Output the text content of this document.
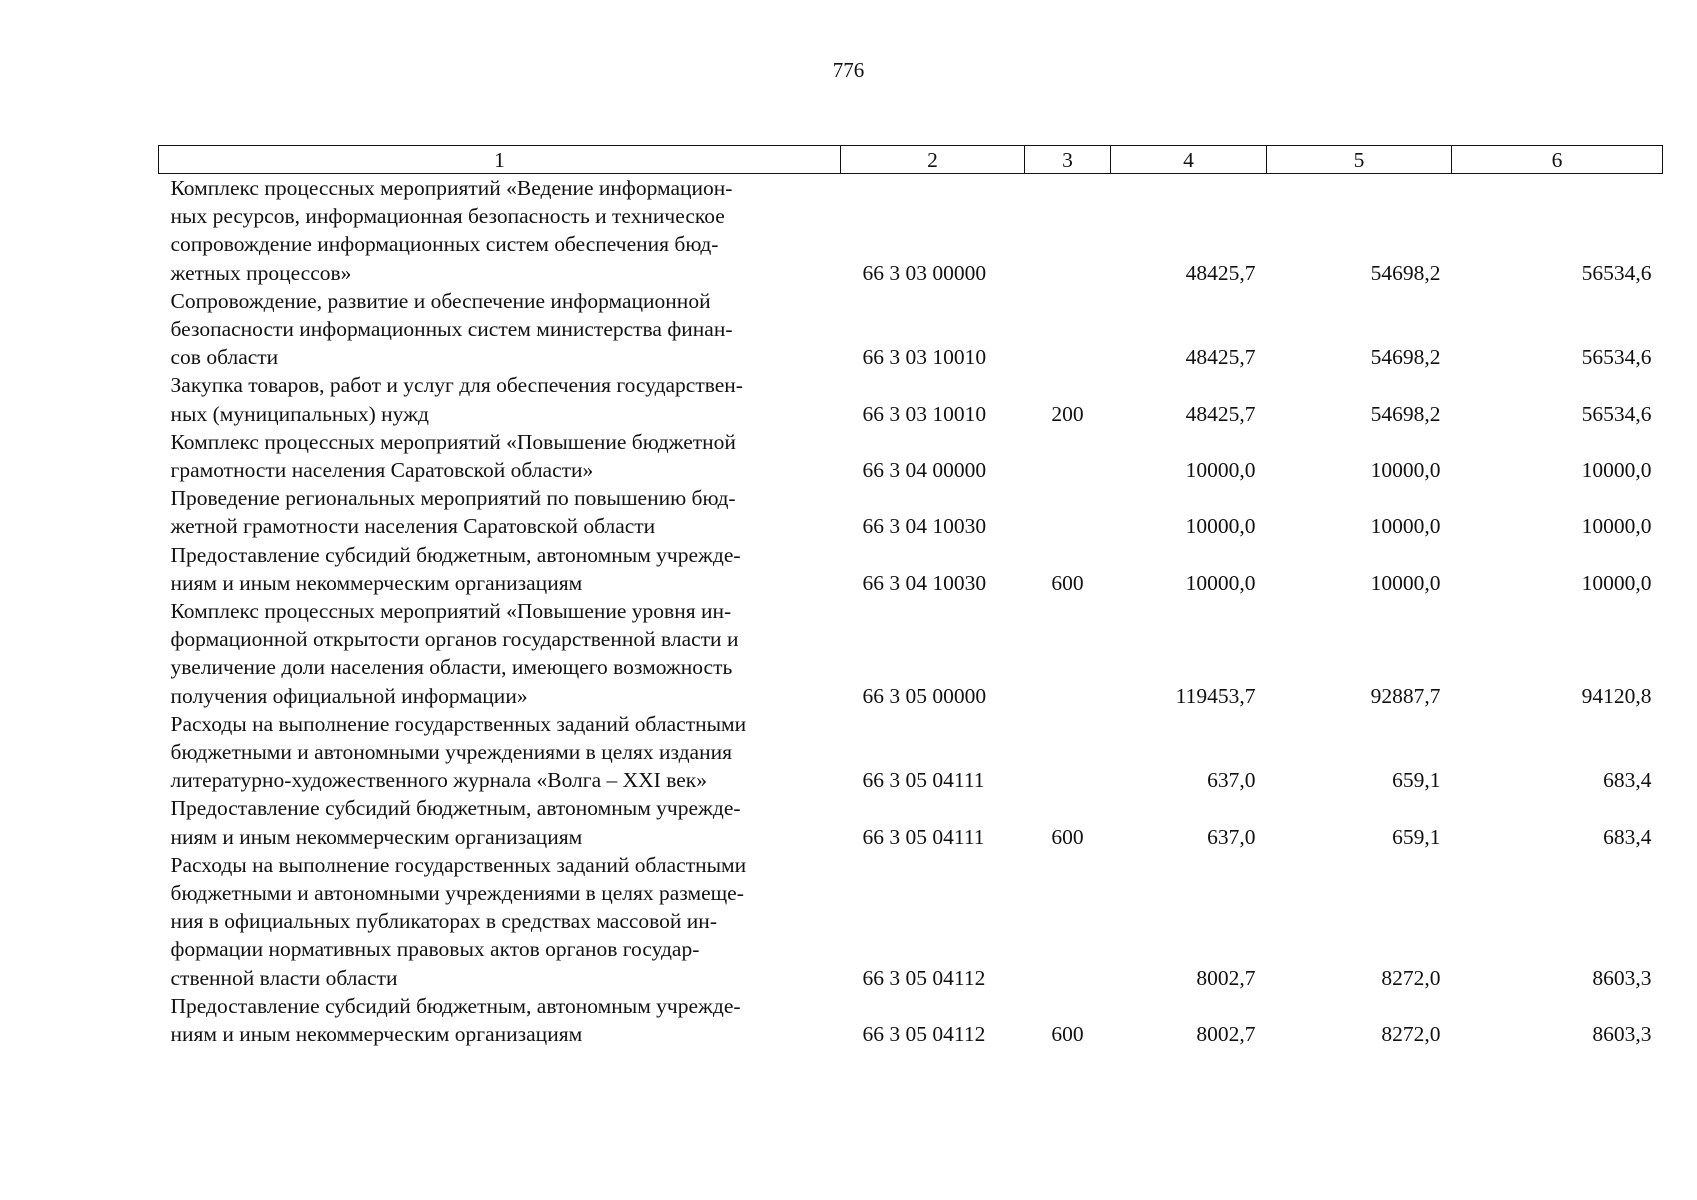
776
1	2	3	4	5	6

Комплекс процессных мероприятий «Ведение информацион-
ных ресурсов, информационная безопасность и техническое
сопровождение информационных систем обеспечения бюд-
жетных процессов»	66 3 03 00000		48425,7	54698,2	56534,6

Сопровождение, развитие и обеспечение информационной
безопасности информационных систем министерства финан-
сов области	66 3 03 10010		48425,7	54698,2	56534,6

Закупка товаров, работ и услуг для обеспечения государствен-
ных (муниципальных) нужд	66 3 03 10010	200	48425,7	54698,2	56534,6

Комплекс процессных мероприятий «Повышение бюджетной
грамотности населения Саратовской области»	66 3 04 00000		10000,0	10000,0	10000,0

Проведение региональных мероприятий по повышению бюд-
жетной грамотности населения Саратовской области	66 3 04 10030		10000,0	10000,0	10000,0

Предоставление субсидий бюджетным, автономным учрежде-
ниям и иным некоммерческим организациям	66 3 04 10030	600	10000,0	10000,0	10000,0

Комплекс процессных мероприятий «Повышение уровня ин-
формационной открытости органов государственной власти и
увеличение доли населения области, имеющего возможность
получения официальной информации»	66 3 05 00000		119453,7	92887,7	94120,8

Расходы на выполнение государственных заданий областными
бюджетными и автономными учреждениями в целях издания
литературно-художественного журнала «Волга – XXI век»	66 3 05 04111		637,0	659,1	683,4

Предоставление субсидий бюджетным, автономным учрежде-
ниям и иным некоммерческим организациям	66 3 05 04111	600	637,0	659,1	683,4

Расходы на выполнение государственных заданий областными
бюджетными и автономными учреждениями в целях размеще-
ния в официальных публикаторах в средствах массовой ин-
формации нормативных правовых актов органов государ-
ственной власти области	66 3 05 04112		8002,7	8272,0	8603,3

Предоставление субсидий бюджетным, автономным учрежде-
ниям и иным некоммерческим организациям	66 3 05 04112	600	8002,7	8272,0	8603,3
